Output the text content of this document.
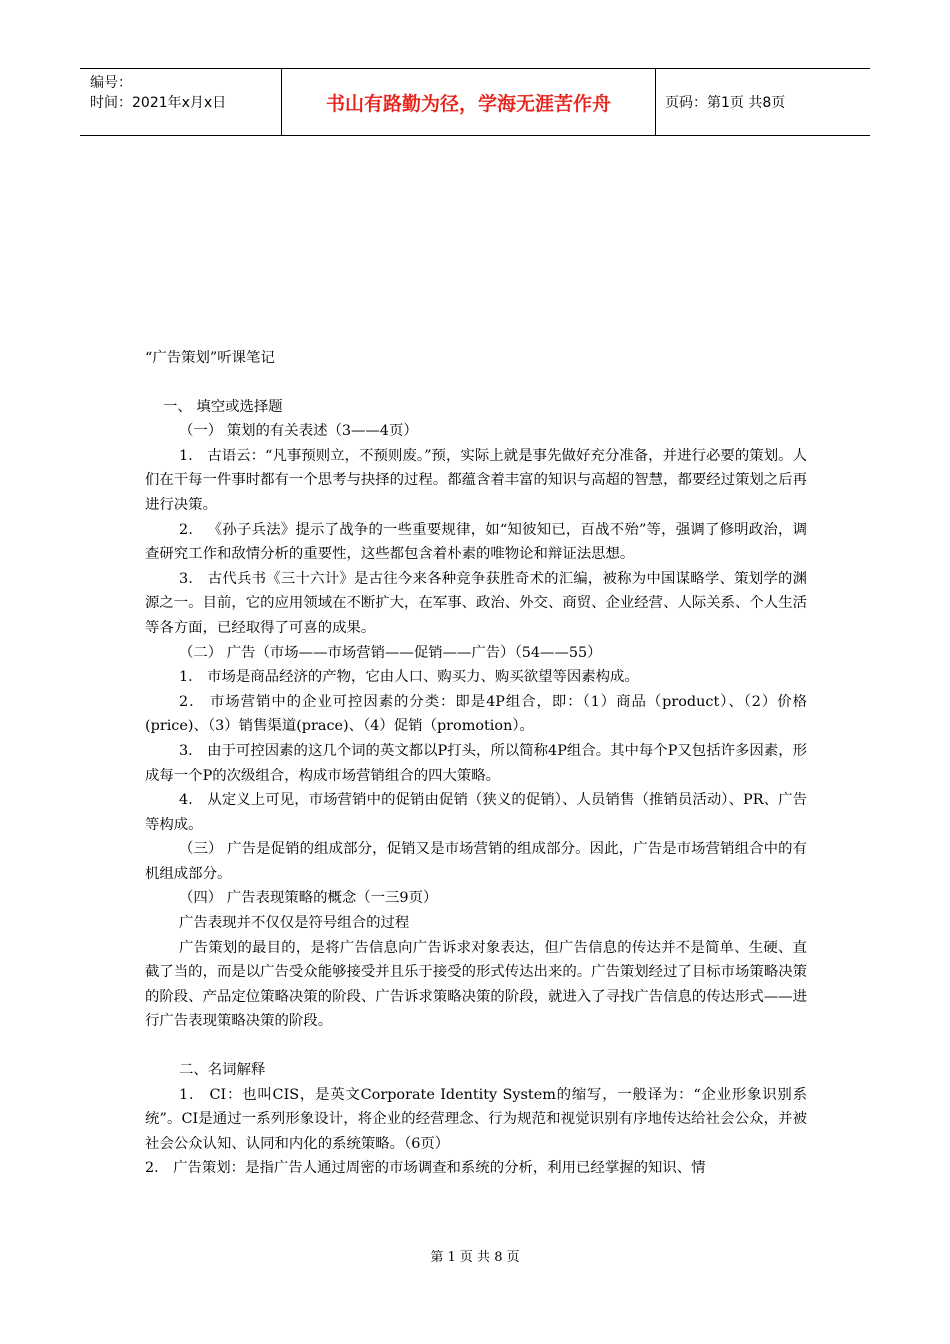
编号：
时间：2021年x月x日	书山有路勤为径，学海无涯苦作舟	页码：第1页 共8页

“广告策划”听课笔记

一、 填空或选择题

（一） 策划的有关表述（3——4页）

1． 古语云：“凡事预则立，不预则废。”预，实际上就是事先做好充分准备，并进行必要的策划。人们在干每一件事时都有一个思考与抉择的过程。都蕴含着丰富的知识与高超的智慧，都要经过策划之后再进行决策。

2． 《孙子兵法》提示了战争的一些重要规律，如“知彼知已，百战不殆”等，强调了修明政治，调查研究工作和敌情分析的重要性，这些都包含着朴素的唯物论和辩证法思想。

3． 古代兵书《三十六计》是古往今来各种竞争获胜奇术的汇编，被称为中国谋略学、策划学的渊源之一。目前，它的应用领域在不断扩大，在军事、政治、外交、商贸、企业经营、人际关系、个人生活等各方面，已经取得了可喜的成果。

（二） 广告（市场——市场营销——促销——广告）（54——55）

1． 市场是商品经济的产物，它由人口、购买力、购买欲望等因素构成。

2． 市场营销中的企业可控因素的分类：即是4P组合，即：（1）商品（product）、（2）价格(price)、（3）销售渠道(prace)、（4）促销（promotion）。

3． 由于可控因素的这几个词的英文都以P打头，所以简称4P组合。其中每个P又包括许多因素，形成每一个P的次级组合，构成市场营销组合的四大策略。

4． 从定义上可见，市场营销中的促销由促销（狭义的促销）、人员销售（推销员活动）、PR、广告等构成。

（三） 广告是促销的组成部分，促销又是市场营销的组成部分。因此，广告是市场营销组合中的有机组成部分。

（四） 广告表现策略的概念（一三9页）

广告表现并不仅仅是符号组合的过程

广告策划的最目的，是将广告信息向广告诉求对象表达，但广告信息的传达并不是简单、生硬、直截了当的，而是以广告受众能够接受并且乐于接受的形式传达出来的。广告策划经过了目标市场策略决策的阶段、产品定位策略决策的阶段、广告诉求策略决策的阶段，就进入了寻找广告信息的传达形式——进行广告表现策略决策的阶段。

二、名词解释

1． CI：也叫CIS，是英文Corporate Identity System的缩写，一般译为：“企业形象识别系统”。CI是通过一系列形象设计，将企业的经营理念、行为规范和视觉识别有序地传达给社会公众，并被社会公众认知、认同和内化的系统策略。（6页）

2． 广告策划：是指广告人通过周密的市场调查和系统的分析，利用已经掌握的知识、情

第 1 页 共 8 页
